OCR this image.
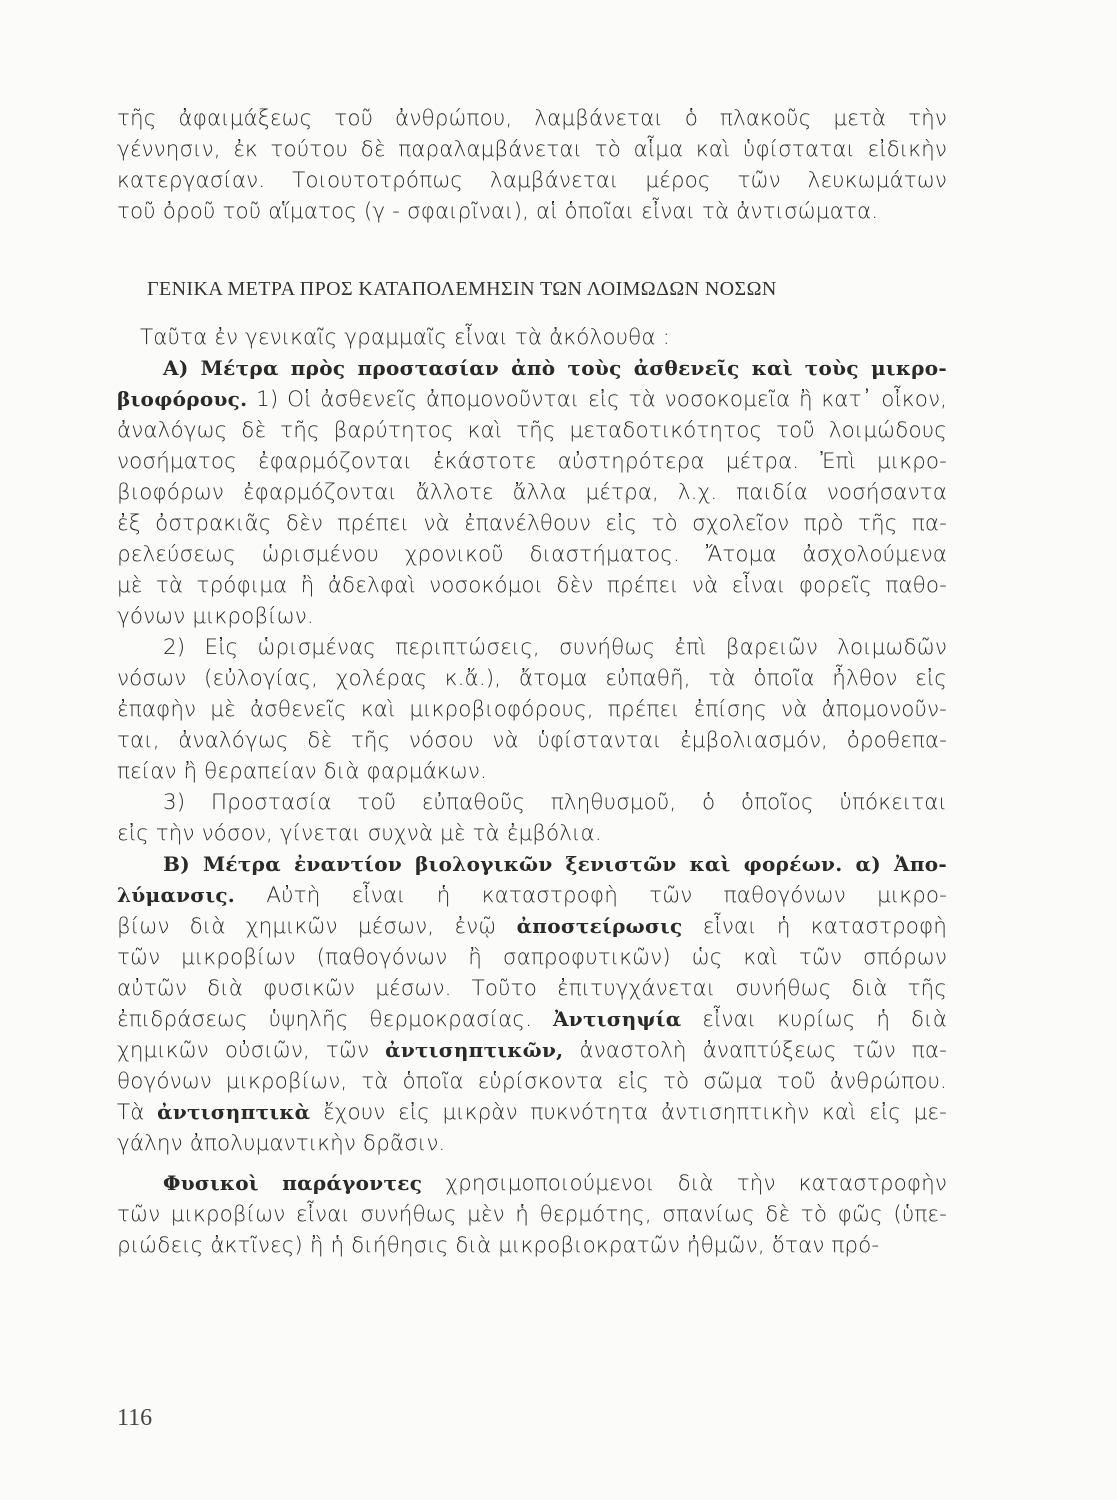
τῆς ἀφαιμάξεως τοῦ ἀνθρώπου, λαμβάνεται ὁ πλακοῦς μετὰ τὴν
γέννησιν, ἐκ τούτου δὲ παραλαμβάνεται τὸ αἷμα καὶ ὑφίσταται εἰδικὴν
κατεργασίαν. Τοιουτοτρόπως λαμβάνεται μέρος τῶν λευκωμάτων
τοῦ ὀροῦ τοῦ αἵματος (γ - σφαιρῖναι), αἱ ὁποῖαι εἶναι τὰ ἀντισώματα.
ΓΕΝΙΚΑ ΜΕΤΡΑ ΠΡΟΣ ΚΑΤΑΠΟΛΕΜΗΣΙΝ ΤΩΝ ΛΟΙΜΩΔΩΝ ΝΟΣΩΝ
Ταῦτα ἐν γενικαῖς γραμμαῖς εἶναι τὰ ἀκόλουθα :
Α) Μέτρα πρὸς προστασίαν ἀπὸ τοὺς ἀσθενεῖς καὶ τοὺς μικρο-
βιοφόρους. 1) Οἱ ἀσθενεῖς ἀπομονοῦνται εἰς τὰ νοσοκομεῖα ἢ κατ᾽ οἶκον,
ἀναλόγως δὲ τῆς βαρύτητος καὶ τῆς μεταδοτικότητος τοῦ λοιμώδους
νοσήματος ἐφαρμόζονται ἑκάστοτε αὐστηρότερα μέτρα. Ἐπὶ μικρο-
βιοφόρων ἐφαρμόζονται ἄλλοτε ἄλλα μέτρα, λ.χ. παιδία νοσήσαντα
ἐξ ὀστρακιᾶς δὲν πρέπει νὰ ἐπανέλθουν εἰς τὸ σχολεῖον πρὸ τῆς πα-
ρελεύσεως ὡρισμένου χρονικοῦ διαστήματος. Ἄτομα ἀσχολούμενα
μὲ τὰ τρόφιμα ἢ ἀδελφαὶ νοσοκόμοι δὲν πρέπει νὰ εἶναι φορεῖς παθο-
γόνων μικροβίων.
2) Εἰς ὡρισμένας περιπτώσεις, συνήθως ἐπὶ βαρειῶν λοιμωδῶν
νόσων (εὐλογίας, χολέρας κ.ἄ.), ἄτομα εὐπαθῆ, τὰ ὁποῖα ἦλθον εἰς
ἐπαφὴν μὲ ἀσθενεῖς καὶ μικροβιοφόρους, πρέπει ἐπίσης νὰ ἀπομονοῦν-
ται, ἀναλόγως δὲ τῆς νόσου νὰ ὑφίστανται ἐμβολιασμόν, ὀροθεπα-
πείαν ἢ θεραπείαν διὰ φαρμάκων.
3) Προστασία τοῦ εὐπαθοῦς πληθυσμοῦ, ὁ ὁποῖος ὑπόκειται
εἰς τὴν νόσον, γίνεται συχνὰ μὲ τὰ ἐμβόλια.
Β) Μέτρα ἐναντίον βιολογικῶν ξενιστῶν καὶ φορέων. α) Ἀπο-
λύμανσις. Αὐτὴ εἶναι ἡ καταστροφὴ τῶν παθογόνων μικρο-
βίων διὰ χημικῶν μέσων, ἐνῷ ἀποστείρωσις εἶναι ἡ καταστροφὴ
τῶν μικροβίων (παθογόνων ἢ σαπροφυτικῶν) ὡς καὶ τῶν σπόρων
αὐτῶν διὰ φυσικῶν μέσων. Τοῦτο ἐπιτυγχάνεται συνήθως διὰ τῆς
ἐπιδράσεως ὑψηλῆς θερμοκρασίας. Ἀντισηψία εἶναι κυρίως ἡ διὰ
χημικῶν οὐσιῶν, τῶν ἀντισηπτικῶν, ἀναστολὴ ἀναπτύξεως τῶν πα-
θογόνων μικροβίων, τὰ ὁποῖα εὑρίσκοντα εἰς τὸ σῶμα τοῦ ἀνθρώπου.
Τὰ ἀντισηπτικὰ ἔχουν εἰς μικρὰν πυκνότητα ἀντισηπτικὴν καὶ εἰς με-
γάλην ἀπολυμαντικὴν δρᾶσιν.
Φυσικοὶ παράγοντες χρησιμοποιούμενοι διὰ τὴν καταστροφὴν
τῶν μικροβίων εἶναι συνήθως μὲν ἡ θερμότης, σπανίως δὲ τὸ φῶς (ὑπε-
ριώδεις ἀκτῖνες) ἢ ἡ διήθησις διὰ μικροβιοκρατῶν ἠθμῶν, ὅταν πρό-
116
